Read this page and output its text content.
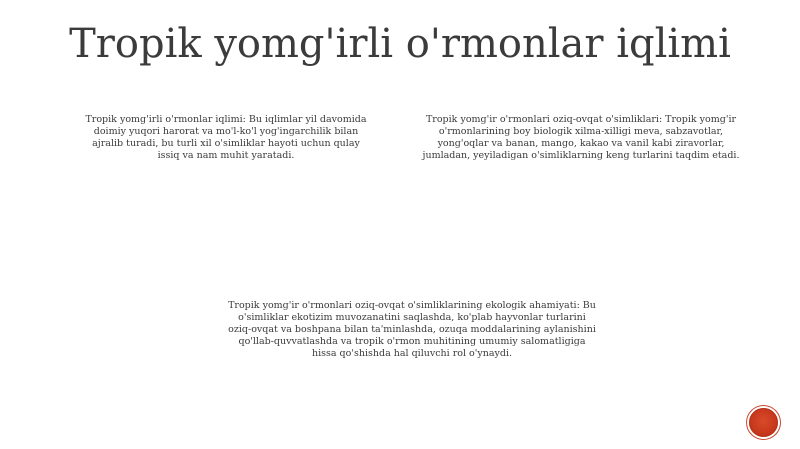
Tropik yomg'irli o'rmonlar iqlimi
Tropik yomg'irli o'rmonlar iqlimi: Bu iqlimlar yil davomida doimiy yuqori harorat va mo'l-ko'l yog'ingarchilik bilan ajralib turadi, bu turli xil o'simliklar hayoti uchun qulay issiq va nam muhit yaratadi.
Tropik yomg'ir o'rmonlari oziq-ovqat o'simliklari: Tropik yomg'ir o'rmonlarining boy biologik xilma-xilligi meva, sabzavotlar, yong'oqlar va banan, mango, kakao va vanil kabi ziravorlar, jumladan, yeyiladigan o'simliklarning keng turlarini taqdim etadi.
Tropik yomg'ir o'rmonlari oziq-ovqat o'simliklarining ekologik ahamiyati: Bu o'simliklar ekotizim muvozanatini saqlashda, ko'plab hayvonlar turlarini oziq-ovqat va boshpana bilan ta'minlashda, ozuqa moddalarining aylanishini qo'llab-quvvatlashda va tropik o'rmon muhitining umumiy salomatligiga hissa qo'shishda hal qiluvchi rol o'ynaydi.
